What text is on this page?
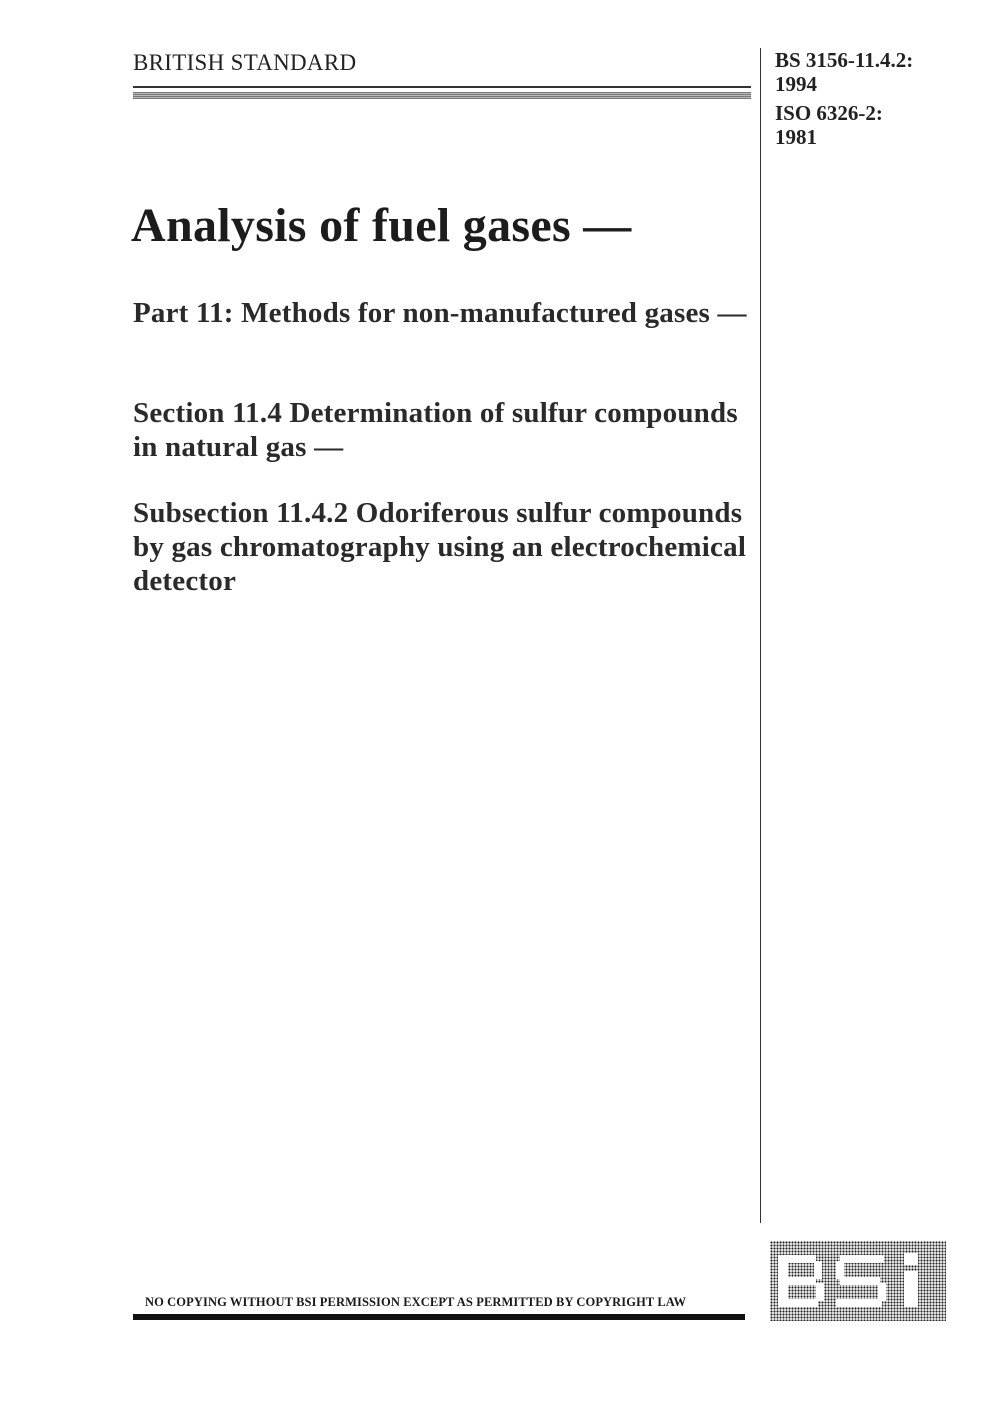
BRITISH STANDARD	BS 3156-11.4.2:
1994
ISO 6326-2:
1981
Analysis of fuel gases —
Part 11: Methods for non-manufactured gases —
Section 11.4 Determination of sulfur compounds in natural gas —
Subsection 11.4.2 Odoriferous sulfur compounds by gas chromatography using an electrochemical detector
NO COPYING WITHOUT BSI PERMISSION EXCEPT AS PERMITTED BY COPYRIGHT LAW
